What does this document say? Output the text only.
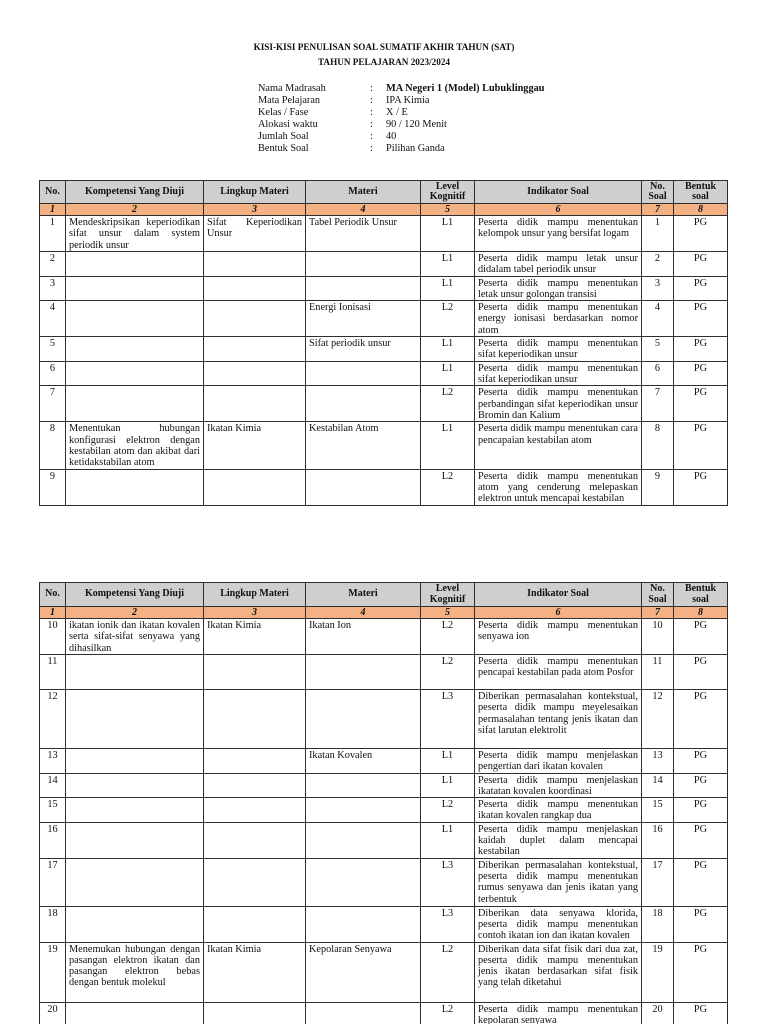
KISI-KISI PENULISAN SOAL SUMATIF AKHIR TAHUN (SAT)
TAHUN PELAJARAN 2023/2024
Nama Madrasah	: MA Negeri 1 (Model) Lubuklinggau
Mata Pelajaran	: IPA Kimia
Kelas / Fase	: X / E
Alokasi waktu	: 90 / 120 Menit
Jumlah Soal	: 40
Bentuk Soal	: Pilihan Ganda
No.	Kompetensi Yang Diuji	Lingkup Materi	Materi	Level Kognitif	Indikator Soal	No. Soal	Bentuk soal
1	2	3	4	5	6	7	8
1	Mendeskripsikan keperiodikan sifat unsur dalam system periodik unsur	Sifat Keperiodikan Unsur	Tabel Periodik Unsur	L1	Peserta didik mampu menentukan kelompok unsur yang bersifat logam	1	PG
2				L1	Peserta didik mampu letak unsur didalam tabel periodik unsur	2	PG
3				L1	Peserta didik mampu menentukan letak unsur golongan transisi	3	PG
4			Energi Ionisasi	L2	Peserta didik mampu menentukan energy ionisasi berdasarkan nomor atom	4	PG
5			Sifat periodik unsur	L1	Peserta didik mampu menentukan sifat keperiodikan unsur	5	PG
6				L1	Peserta didik mampu menentukan sifat keperiodikan unsur	6	PG
7				L2	Peserta didik mampu menentukan perbandingan sifat keperiodikan unsur Bromin dan Kalium	7	PG
8	Menentukan hubungan konfigurasi elektron dengan kestabilan atom dan akibat dari ketidakstabilan atom	Ikatan Kimia	Kestabilan Atom	L1	Peserta didik mampu menentukan cara pencapaian kestabilan atom	8	PG
9				L2	Peserta didik mampu menentukan atom yang cenderung melepaskan elektron untuk mencapai kestabilan	9	PG
No.	Kompetensi Yang Diuji	Lingkup Materi	Materi	Level Kognitif	Indikator Soal	No. Soal	Bentuk soal
1	2	3	4	5	6	7	8
10	ikatan ionik dan ikatan kovalen serta sifat-sifat senyawa yang dihasilkan	Ikatan Kimia	Ikatan Ion	L2	Peserta didik mampu menentukan senyawa ion	10	PG
11				L2	Peserta didik mampu menentukan pencapai kestabilan pada atom Posfor	11	PG
12				L3	Diberikan permasalahan kontekstual, peserta didik mampu meyelesaikan permasalahan tentang jenis ikatan dan sifat larutan elektrolit	12	PG
13			Ikatan Kovalen	L1	Peserta didik mampu menjelaskan pengertian dari ikatan kovalen	13	PG
14				L1	Peserta didik mampu menjelaskan ikatatan kovalen koordinasi	14	PG
15				L2	Peserta didik mampu menentukan ikatan kovalen rangkap dua	15	PG
16				L1	Peserta didik mampu menjelaskan kaidah duplet dalam mencapai kestabilan	16	PG
17				L3	Diberikan permasalahan kontekstual, peserta didik mampu menentukan rumus senyawa dan jenis ikatan yang terbentuk	17	PG
18				L3	Diberikan data senyawa klorida, peserta didik mampu menentukan contoh ikatan ion dan ikatan kovalen	18	PG
19	Menemukan hubungan dengan pasangan elektron ikatan dan pasangan elektron bebas dengan bentuk molekul	Ikatan Kimia	Kepolaran Senyawa	L2	Diberikan data sifat fisik dari dua zat, peserta didik mampu menentukan jenis ikatan berdasarkan sifat fisik yang telah diketahui	19	PG
20				L2	Peserta didik mampu menentukan kepolaran senyawa	20	PG
